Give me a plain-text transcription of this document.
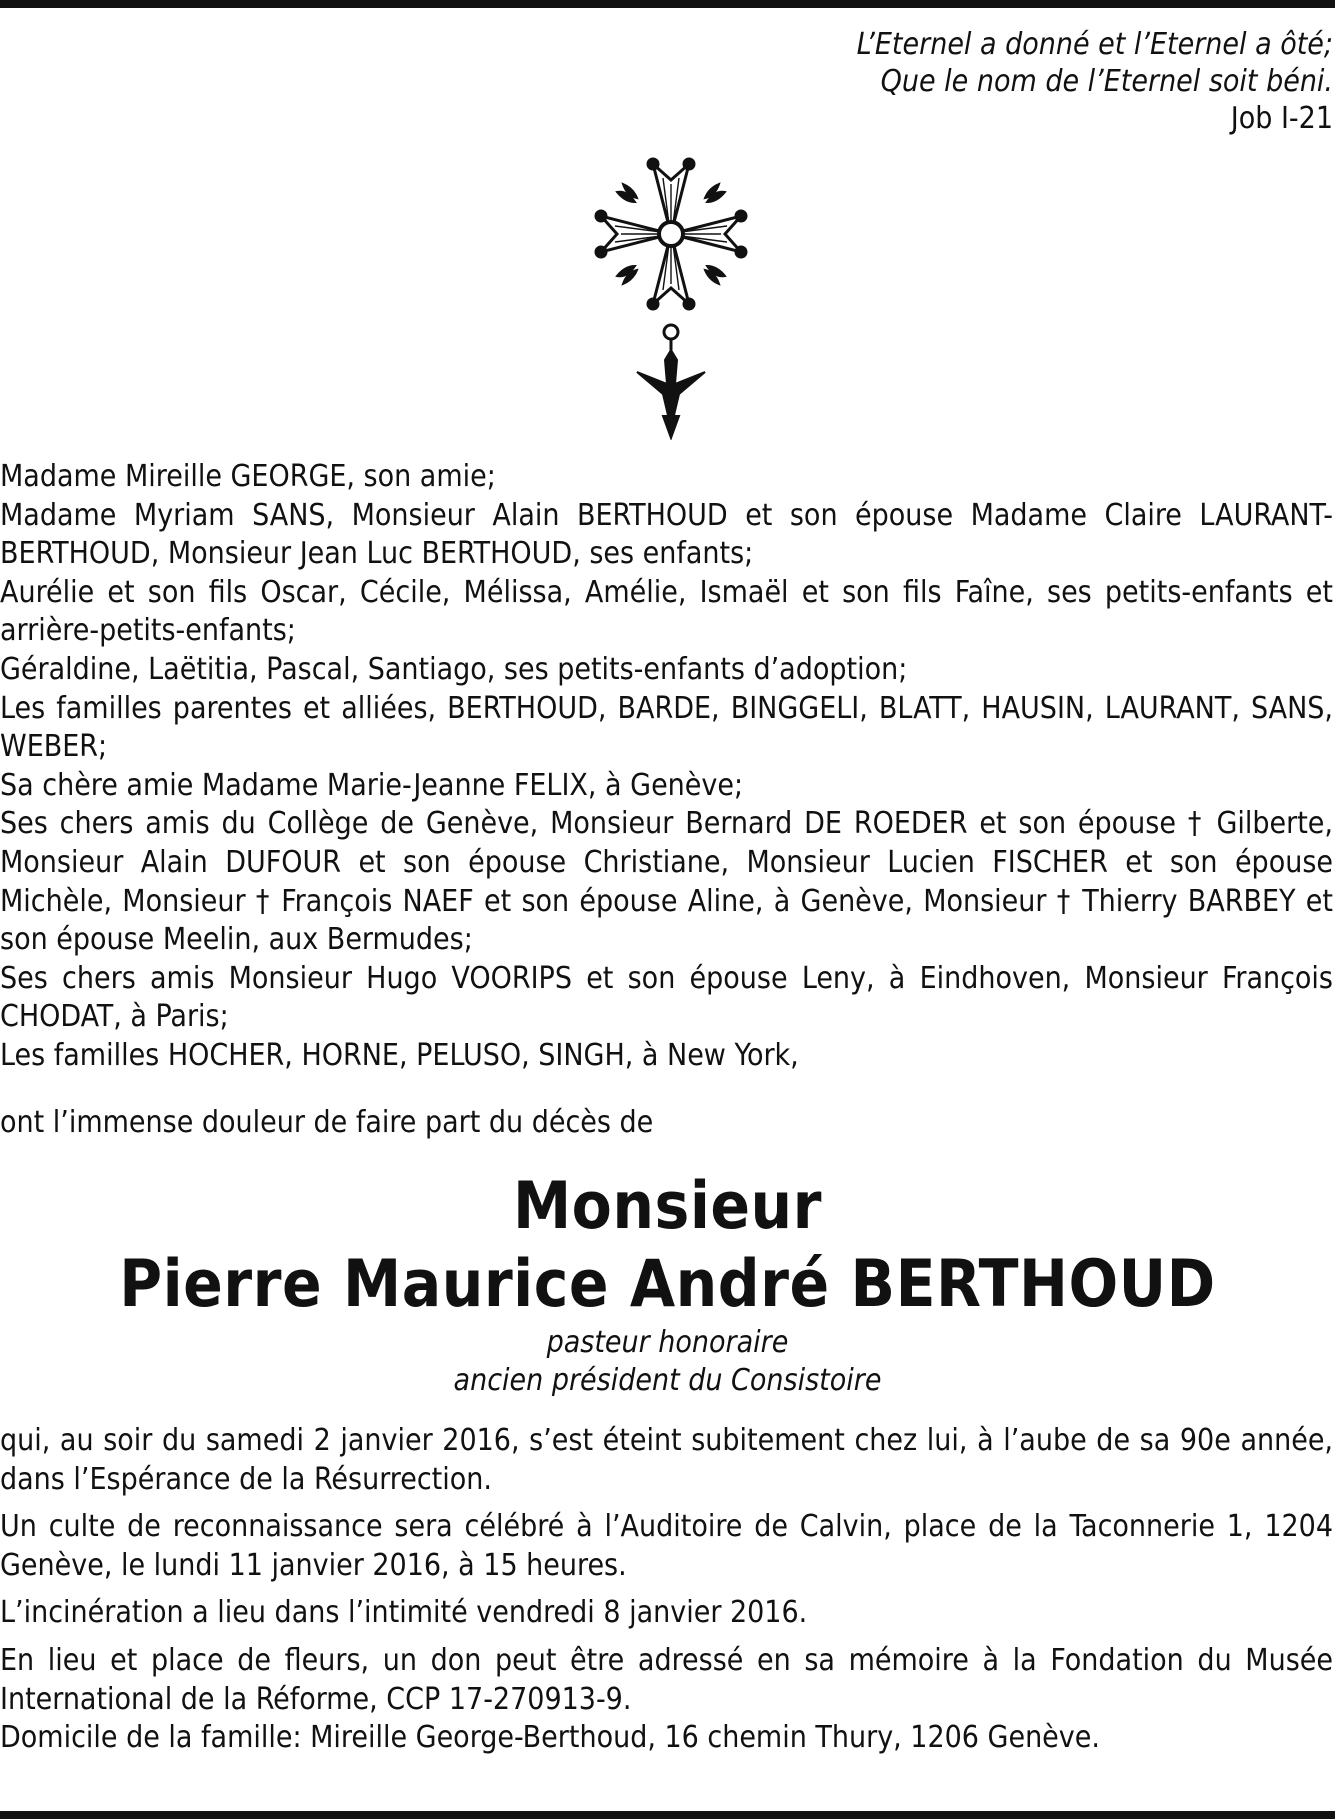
L’Eternel a donné et l’Eternel a ôté;
Que le nom de l’Eternel soit béni.
Job I-21

Madame Mireille GEORGE, son amie;

Madame Myriam SANS, Monsieur Alain BERTHOUD et son épouse Madame Claire LAURANT-BERTHOUD, Monsieur Jean Luc BERTHOUD, ses enfants;

Aurélie et son fils Oscar, Cécile, Mélissa, Amélie, Ismaël et son fils Faîne, ses petits-enfants et arrière-petits-enfants;

Géraldine, Laëtitia, Pascal, Santiago, ses petits-enfants d’adoption;

Les familles parentes et alliées, BERTHOUD, BARDE, BINGGELI, BLATT, HAUSIN, LAURANT, SANS, WEBER;

Sa chère amie Madame Marie-Jeanne FELIX, à Genève;

Ses chers amis du Collège de Genève, Monsieur Bernard DE ROEDER et son épouse † Gilberte, Monsieur Alain DUFOUR et son épouse Christiane, Monsieur Lucien FISCHER et son épouse Michèle, Monsieur † François NAEF et son épouse Aline, à Genève, Monsieur † Thierry BARBEY et son épouse Meelin, aux Bermudes;

Ses chers amis Monsieur Hugo VOORIPS et son épouse Leny, à Eindhoven, Monsieur François CHODAT, à Paris;

Les familles HOCHER, HORNE, PELUSO, SINGH, à New York,

ont l’immense douleur de faire part du décès de
Monsieur
Pierre Maurice André BERTHOUD
pasteur honoraire
ancien président du Consistoire

qui, au soir du samedi 2 janvier 2016, s’est éteint subitement chez lui, à l’aube de sa 90e année, dans l’Espérance de la Résurrection.

Un culte de reconnaissance sera célébré à l’Auditoire de Calvin, place de la Taconnerie 1, 1204 Genève, le lundi 11 janvier 2016, à 15 heures.

L’incinération a lieu dans l’intimité vendredi 8 janvier 2016.

En lieu et place de fleurs, un don peut être adressé en sa mémoire à la Fondation du Musée International de la Réforme, CCP 17-270913-9.

Domicile de la famille: Mireille George-Berthoud, 16 chemin Thury, 1206 Genève.
